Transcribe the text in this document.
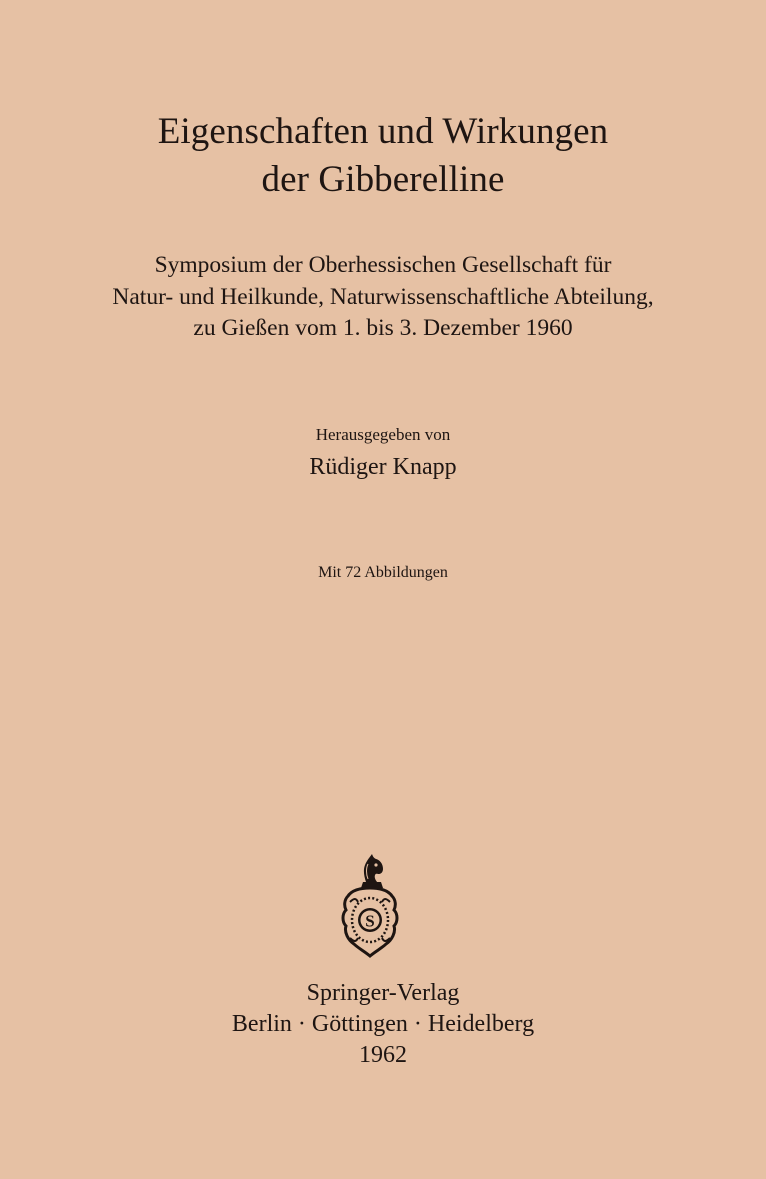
Eigenschaften und Wirkungen
der Gibberelline
Symposium der Oberhessischen Gesellschaft für
Natur- und Heilkunde, Naturwissenschaftliche Abteilung,
zu Gießen vom 1. bis 3. Dezember 1960
Herausgegeben von
Rüdiger Knapp
Mit 72 Abbildungen
S
Springer-Verlag
Berlin · Göttingen · Heidelberg
1962
